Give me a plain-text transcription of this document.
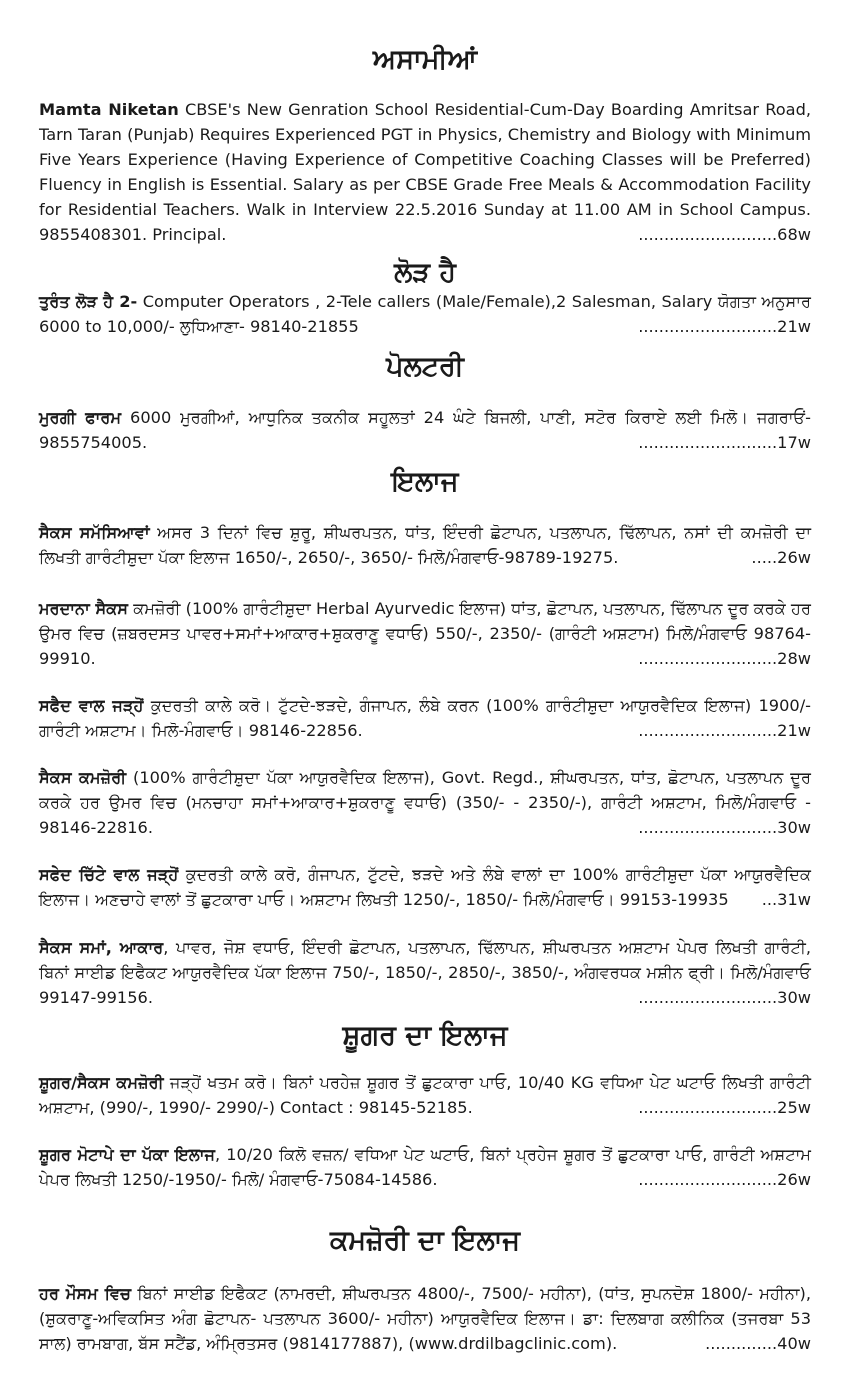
ਅਸਾਮੀਆਂ
Mamta Niketan CBSE's New Genration School Residential-Cum-Day Boarding Amritsar Road, Tarn Taran (Punjab) Requires Experienced PGT in Physics, Chemistry and Biology with Minimum Five Years Experience (Having Experience of Competitive Coaching Classes will be Preferred) Fluency in English is Essential. Salary as per CBSE Grade Free Meals & Accommodation Facility for Residential Teachers. Walk in Interview 22.5.2016 Sunday at 11.00 AM in School Campus. 9855408301. Principal.	...........................68w
ਲੋੜ ਹੈ
ਤੁਰੰਤ ਲੋੜ ਹੈ 2- Computer Operators , 2-Tele callers (Male/Female),2 Salesman, Salary ਯੋਗਤਾ ਅਨੁਸਾਰ 6000 to 10,000/- ਲੁਧਿਆਣਾ- 98140-21855	...........................21w
ਪੋਲਟਰੀ
ਮੁਰਗੀ ਫਾਰਮ 6000 ਮੁਰਗੀਆਂ, ਆਧੁਨਿਕ ਤਕਨੀਕ ਸਹੂਲਤਾਂ 24 ਘੰਟੇ ਬਿਜਲੀ, ਪਾਣੀ, ਸਟੋਰ ਕਿਰਾਏ ਲਈ ਮਿਲੋ। ਜਗਰਾਓਂ- 9855754005.	...........................17w
ਇਲਾਜ
ਸੈਕਸ ਸਮੱਸਿਆਵਾਂ ਅਸਰ 3 ਦਿਨਾਂ ਵਿਚ ਸ਼ੁਰੂ, ਸ਼ੀਘਰਪਤਨ, ਧਾਂਤ, ਇੰਦਰੀ ਛੋਟਾਪਨ, ਪਤਲਾਪਨ, ਢਿੱਲਾਪਨ, ਨਸਾਂ ਦੀ ਕਮਜ਼ੋਰੀ ਦਾ ਲਿਖਤੀ ਗਾਰੰਟੀਸ਼ੁਦਾ ਪੱਕਾ ਇਲਾਜ 1650/-, 2650/-, 3650/- ਮਿਲੋ/ਮੰਗਵਾਓ-98789-19275.	.....26w
ਮਰਦਾਨਾ ਸੈਕਸ ਕਮਜ਼ੋਰੀ (100% ਗਾਰੰਟੀਸ਼ੁਦਾ Herbal Ayurvedic ਇਲਾਜ) ਧਾਂਤ, ਛੋਟਾਪਨ, ਪਤਲਾਪਨ, ਢਿੱਲਾਪਨ ਦੂਰ ਕਰਕੇ ਹਰ ਉਮਰ ਵਿਚ (ਜ਼ਬਰਦਸਤ ਪਾਵਰ+ਸਮਾਂ+ਆਕਾਰ+ਸ਼ੁਕਰਾਣੂ ਵਧਾਓ) 550/-, 2350/- (ਗਾਰੰਟੀ ਅਸ਼ਟਾਮ) ਮਿਲੋ/ਮੰਗਵਾਓ 98764-99910.	...........................28w
ਸਫੈਦ ਵਾਲ ਜੜ੍ਹੋਂ ਕੁਦਰਤੀ ਕਾਲੇ ਕਰੋ। ਟੁੱਟਦੇ-ਝੜਦੇ, ਗੰਜਾਪਨ, ਲੰਬੇ ਕਰਨ (100% ਗਾਰੰਟੀਸ਼ੁਦਾ ਆਯੁਰਵੈਦਿਕ ਇਲਾਜ) 1900/- ਗਾਰੰਟੀ ਅਸ਼ਟਾਮ। ਮਿਲੋ-ਮੰਗਵਾਓ। 98146-22856.	...........................21w
ਸੈਕਸ ਕਮਜ਼ੋਰੀ (100% ਗਾਰੰਟੀਸ਼ੁਦਾ ਪੱਕਾ ਆਯੁਰਵੈਦਿਕ ਇਲਾਜ), Govt. Regd., ਸ਼ੀਘਰਪਤਨ, ਧਾਂਤ, ਛੋਟਾਪਨ, ਪਤਲਾਪਨ ਦੂਰ ਕਰਕੇ ਹਰ ਉਮਰ ਵਿਚ (ਮਨਚਾਹਾ ਸਮਾਂ+ਆਕਾਰ+ਸ਼ੁਕਰਾਣੂ ਵਧਾਓ) (350/- - 2350/-), ਗਾਰੰਟੀ ਅਸ਼ਟਾਮ, ਮਿਲੋ/ਮੰਗਵਾਓ - 98146-22816.	...........................30w
ਸਫੇਦ ਚਿੱਟੇ ਵਾਲ ਜੜ੍ਹੋਂ ਕੁਦਰਤੀ ਕਾਲੇ ਕਰੋ, ਗੰਜਾਪਨ, ਟੁੱਟਦੇ, ਝੜਦੇ ਅਤੇ ਲੰਬੇ ਵਾਲਾਂ ਦਾ 100% ਗਾਰੰਟੀਸ਼ੁਦਾ ਪੱਕਾ ਆਯੁਰਵੈਦਿਕ ਇਲਾਜ। ਅਣਚਾਹੇ ਵਾਲਾਂ ਤੋਂ ਛੁਟਕਾਰਾ ਪਾਓ। ਅਸ਼ਟਾਮ ਲਿਖਤੀ 1250/-, 1850/- ਮਿਲੋ/ਮੰਗਵਾਓ। 99153-19935 ...31w
ਸੈਕਸ ਸਮਾਂ, ਆਕਾਰ, ਪਾਵਰ, ਜੋਸ਼ ਵਧਾਓ, ਇੰਦਰੀ ਛੋਟਾਪਨ, ਪਤਲਾਪਨ, ਢਿੱਲਾਪਨ, ਸ਼ੀਘਰਪਤਨ ਅਸ਼ਟਾਮ ਪੇਪਰ ਲਿਖਤੀ ਗਾਰੰਟੀ, ਬਿਨਾਂ ਸਾਈਡ ਇਫੈਕਟ ਆਯੁਰਵੈਦਿਕ ਪੱਕਾ ਇਲਾਜ 750/-, 1850/-, 2850/-, 3850/-, ਅੰਗਵਰਧਕ ਮਸ਼ੀਨ ਫ੍ਰੀ। ਮਿਲੋ/ਮੰਗਵਾਓ 99147-99156.	...........................30w
ਸ਼ੂਗਰ ਦਾ ਇਲਾਜ
ਸ਼ੂਗਰ/ਸੈਕਸ ਕਮਜ਼ੋਰੀ ਜੜ੍ਹੋਂ ਖਤਮ ਕਰੋ। ਬਿਨਾਂ ਪਰਹੇਜ਼ ਸ਼ੂਗਰ ਤੋਂ ਛੁਟਕਾਰਾ ਪਾਓ, 10/40 KG ਵਧਿਆ ਪੇਟ ਘਟਾਓ ਲਿਖਤੀ ਗਾਰੰਟੀ ਅਸ਼ਟਾਮ, (990/-, 1990/- 2990/-) Contact : 98145-52185.	...........................25w
ਸ਼ੂਗਰ ਮੋਟਾਪੇ ਦਾ ਪੱਕਾ ਇਲਾਜ, 10/20 ਕਿਲੋ ਵਜ਼ਨ/ ਵਧਿਆ ਪੇਟ ਘਟਾਓ, ਬਿਨਾਂ ਪ੍ਰਹੇਜ ਸ਼ੂਗਰ ਤੋਂ ਛੁਟਕਾਰਾ ਪਾਓ, ਗਾਰੰਟੀ ਅਸ਼ਟਾਮ ਪੇਪਰ ਲਿਖਤੀ 1250/-1950/- ਮਿਲੋ/ ਮੰਗਵਾਓ-75084-14586.	...........................26w
ਕਮਜ਼ੋਰੀ ਦਾ ਇਲਾਜ
ਹਰ ਮੌਸਮ ਵਿਚ ਬਿਨਾਂ ਸਾਈਡ ਇਫੈਕਟ (ਨਾਮਰਦੀ, ਸ਼ੀਘਰਪਤਨ 4800/-, 7500/- ਮਹੀਨਾ), (ਧਾਂਤ, ਸੁਪਨਦੋਸ਼ 1800/- ਮਹੀਨਾ), (ਸ਼ੁਕਰਾਣੂ-ਅਵਿਕਸਿਤ ਅੰਗ ਛੋਟਾਪਨ- ਪਤਲਾਪਨ 3600/- ਮਹੀਨਾ) ਆਯੁਰਵੈਦਿਕ ਇਲਾਜ। ਡਾ: ਦਿਲਬਾਗ ਕਲੀਨਿਕ (ਤਜਰਬਾ 53 ਸਾਲ) ਰਾਮਬਾਗ, ਬੱਸ ਸਟੈਂਡ, ਅੰਮ੍ਰਿਤਸਰ (9814177887), (www.drdilbagclinic.com).	..............40w
